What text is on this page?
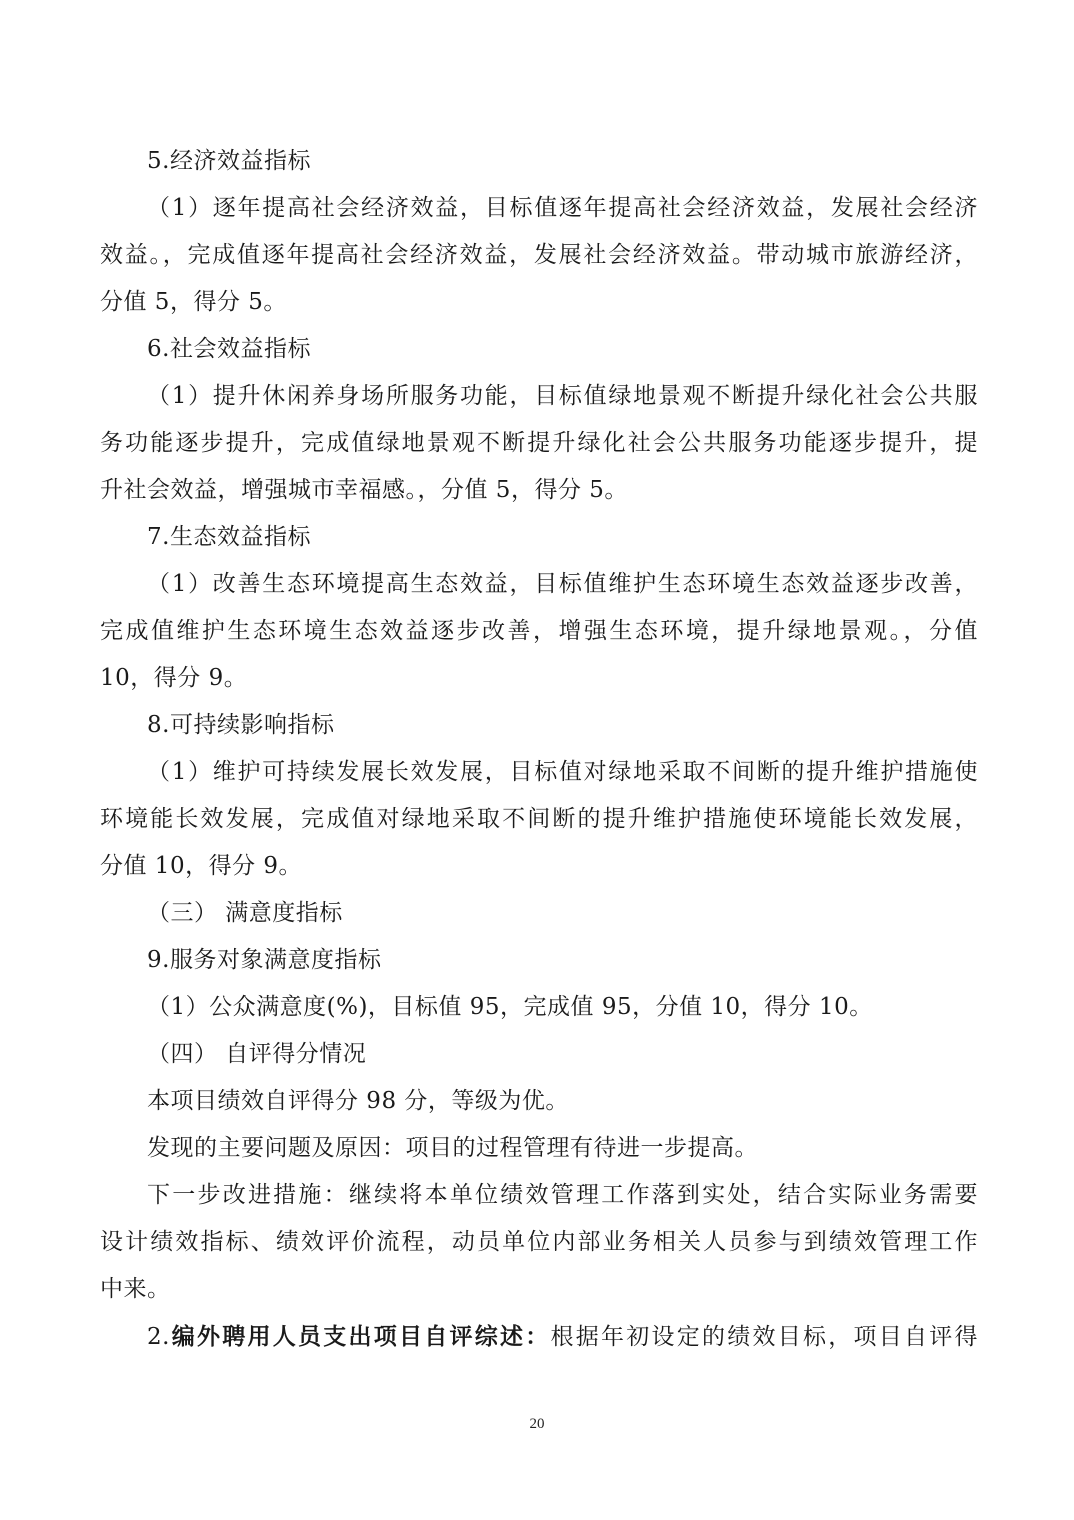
5.经济效益指标
（1）逐年提高社会经济效益，目标值逐年提高社会经济效益，发展社会经济
效益。，完成值逐年提高社会经济效益，发展社会经济效益。带动城市旅游经济，
分值 5，得分 5。
6.社会效益指标
（1）提升休闲养身场所服务功能，目标值绿地景观不断提升绿化社会公共服
务功能逐步提升，完成值绿地景观不断提升绿化社会公共服务功能逐步提升，提
升社会效益，增强城市幸福感。，分值 5，得分 5。
7.生态效益指标
（1）改善生态环境提高生态效益，目标值维护生态环境生态效益逐步改善，
完成值维护生态环境生态效益逐步改善，增强生态环境，提升绿地景观。，分值
10，得分 9。
8.可持续影响指标
（1）维护可持续发展长效发展，目标值对绿地采取不间断的提升维护措施使
环境能长效发展，完成值对绿地采取不间断的提升维护措施使环境能长效发展，
分值 10，得分 9。
（三） 满意度指标
9.服务对象满意度指标
（1）公众满意度(%)，目标值 95，完成值 95，分值 10，得分 10。
（四） 自评得分情况
本项目绩效自评得分 98 分，等级为优。
发现的主要问题及原因：项目的过程管理有待进一步提高。
下一步改进措施：继续将本单位绩效管理工作落到实处，结合实际业务需要
设计绩效指标、绩效评价流程，动员单位内部业务相关人员参与到绩效管理工作
中来。
2.编外聘用人员支出项目自评综述：根据年初设定的绩效目标，项目自评得
20
